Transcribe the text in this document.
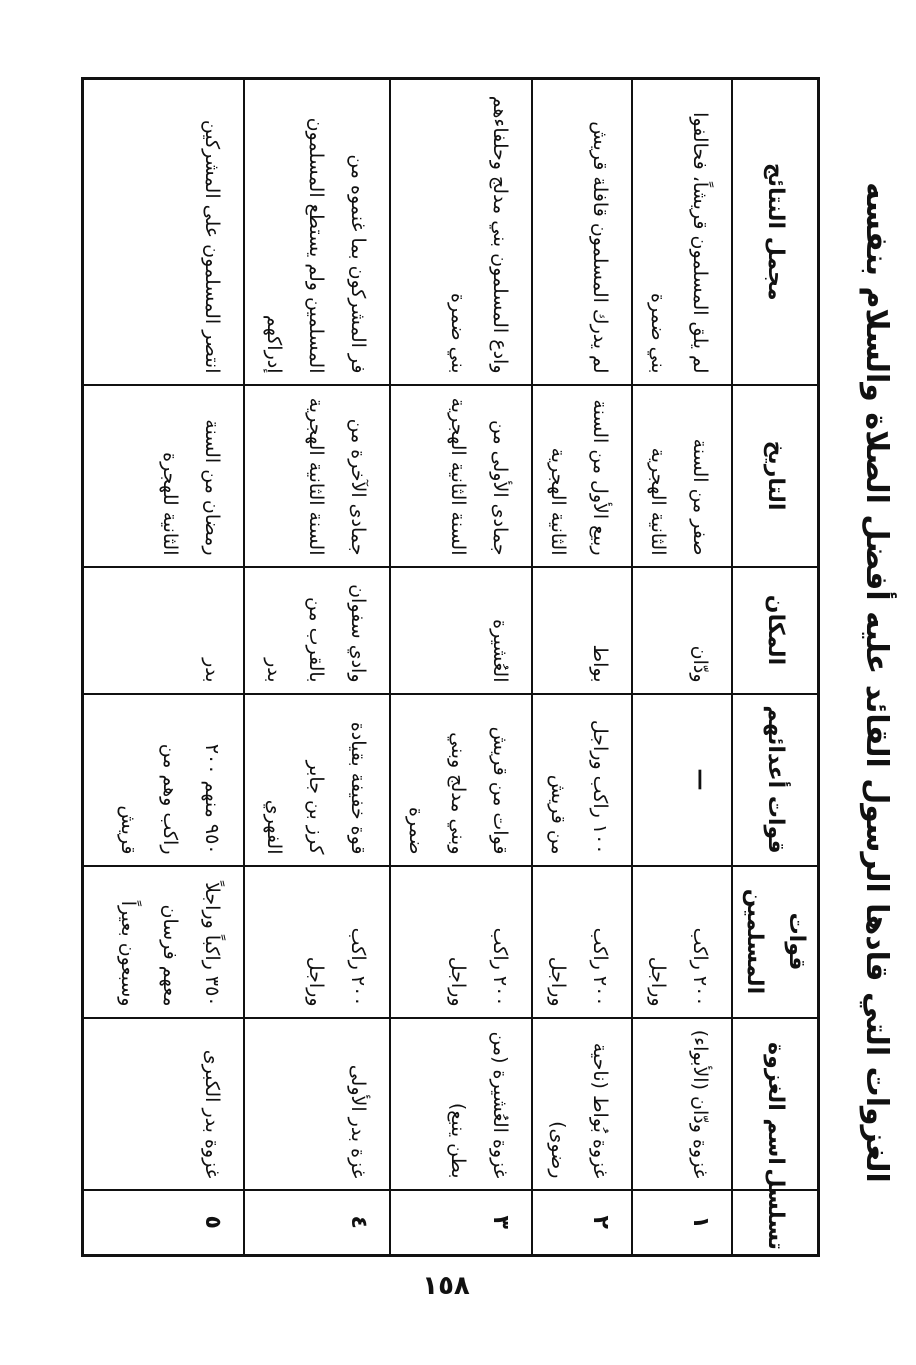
الغزوات التي قادها الرسول القائد عليه أفضل الصلاة والسلام بنفسه
تسلسل	اسم الغزوة	قوات المسلمين	قوات أعدائهم	المكان	التاريخ	مجمل النتائج
١	غزوة ودّان (الأبواء)	٢٠٠ راكب وراجل	—	ودّان	صفر من السنة الثانية الهجرية	لم يلق المسلمون قريشاً، فحالفوا بني ضمرة
٢	غزوة بُواط (ناحية رضوى)	٢٠٠ راكب وراجل	١٠٠ راكب وراجل من قريش	بواط	ربيع الأول من السنة الثانية الهجرية	لم يدرك المسلمون قافلة قريش
٣	غزوة العُشيرة (من بطن ينبع)	٢٠٠ راكب وراجل	قوات من قريش وبني مدلج وبني ضمرة	العُشيرة	جمادى الأولى من السنة الثانية الهجرية	وادع المسلمون بني مدلج وحلفاءهم بني ضمرة
٤	غزة بدر الأولى	٢٠٠ راكب وراجل	قوة خفيفة بقيادة كرز بن جابر الفهري	وادي سفوان بالقرب من بدر	جمادى الآخرة من السنة الثانية الهجرية	فر المشركون بما غنموه من المسلمين ولم يستطع المسلمون إدراكهم
٥	غزوة بدر الكبرى	٣٥٠ راكباً وراجلاً معهم فرسان وسبعون بعيراً	٩٥٠ منهم ٢٠٠ راكب وهم من قريش	بدر	رمضان من السنة الثانية للهجرة	انتصر المسلمون على المشركين
١٥٨
